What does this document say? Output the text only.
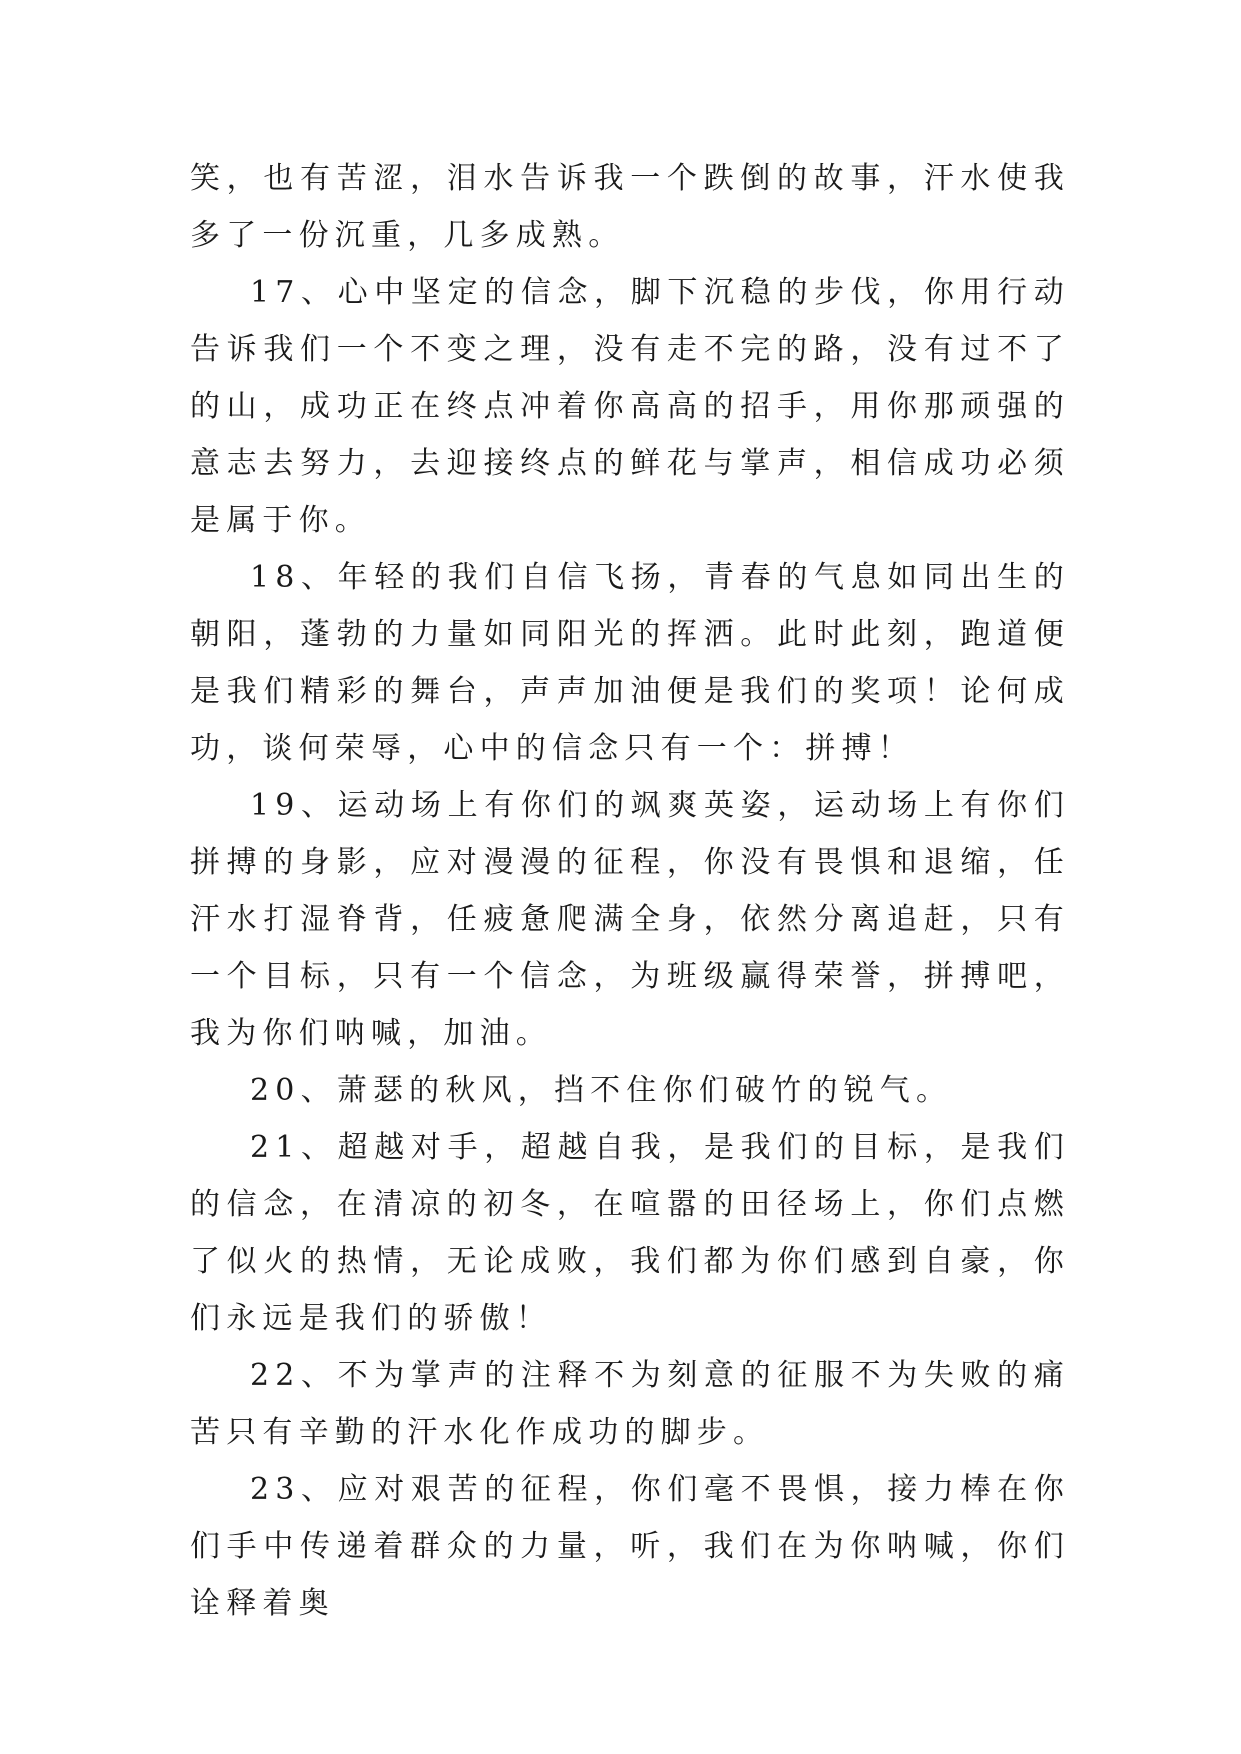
笑，也有苦涩，泪水告诉我一个跌倒的故事，汗水使我多了一份沉重，几多成熟。

17、心中坚定的信念，脚下沉稳的步伐，你用行动告诉我们一个不变之理，没有走不完的路，没有过不了的山，成功正在终点冲着你高高的招手，用你那顽强的意志去努力，去迎接终点的鲜花与掌声，相信成功必须是属于你。

18、年轻的我们自信飞扬，青春的气息如同出生的朝阳，蓬勃的力量如同阳光的挥洒。此时此刻，跑道便是我们精彩的舞台，声声加油便是我们的奖项！论何成功，谈何荣辱，心中的信念只有一个：拼搏！

19、运动场上有你们的飒爽英姿，运动场上有你们拼搏的身影，应对漫漫的征程，你没有畏惧和退缩，任汗水打湿脊背，任疲惫爬满全身，依然分离追赶，只有一个目标，只有一个信念，为班级赢得荣誉，拼搏吧，我为你们呐喊，加油。

20、萧瑟的秋风，挡不住你们破竹的锐气。

21、超越对手，超越自我，是我们的目标，是我们的信念，在清凉的初冬，在喧嚣的田径场上，你们点燃了似火的热情，无论成败，我们都为你们感到自豪，你们永远是我们的骄傲！

22、不为掌声的注释不为刻意的征服不为失败的痛苦只有辛勤的汗水化作成功的脚步。

23、应对艰苦的征程，你们毫不畏惧，接力棒在你们手中传递着群众的力量，听，我们在为你呐喊，你们诠释着奥
